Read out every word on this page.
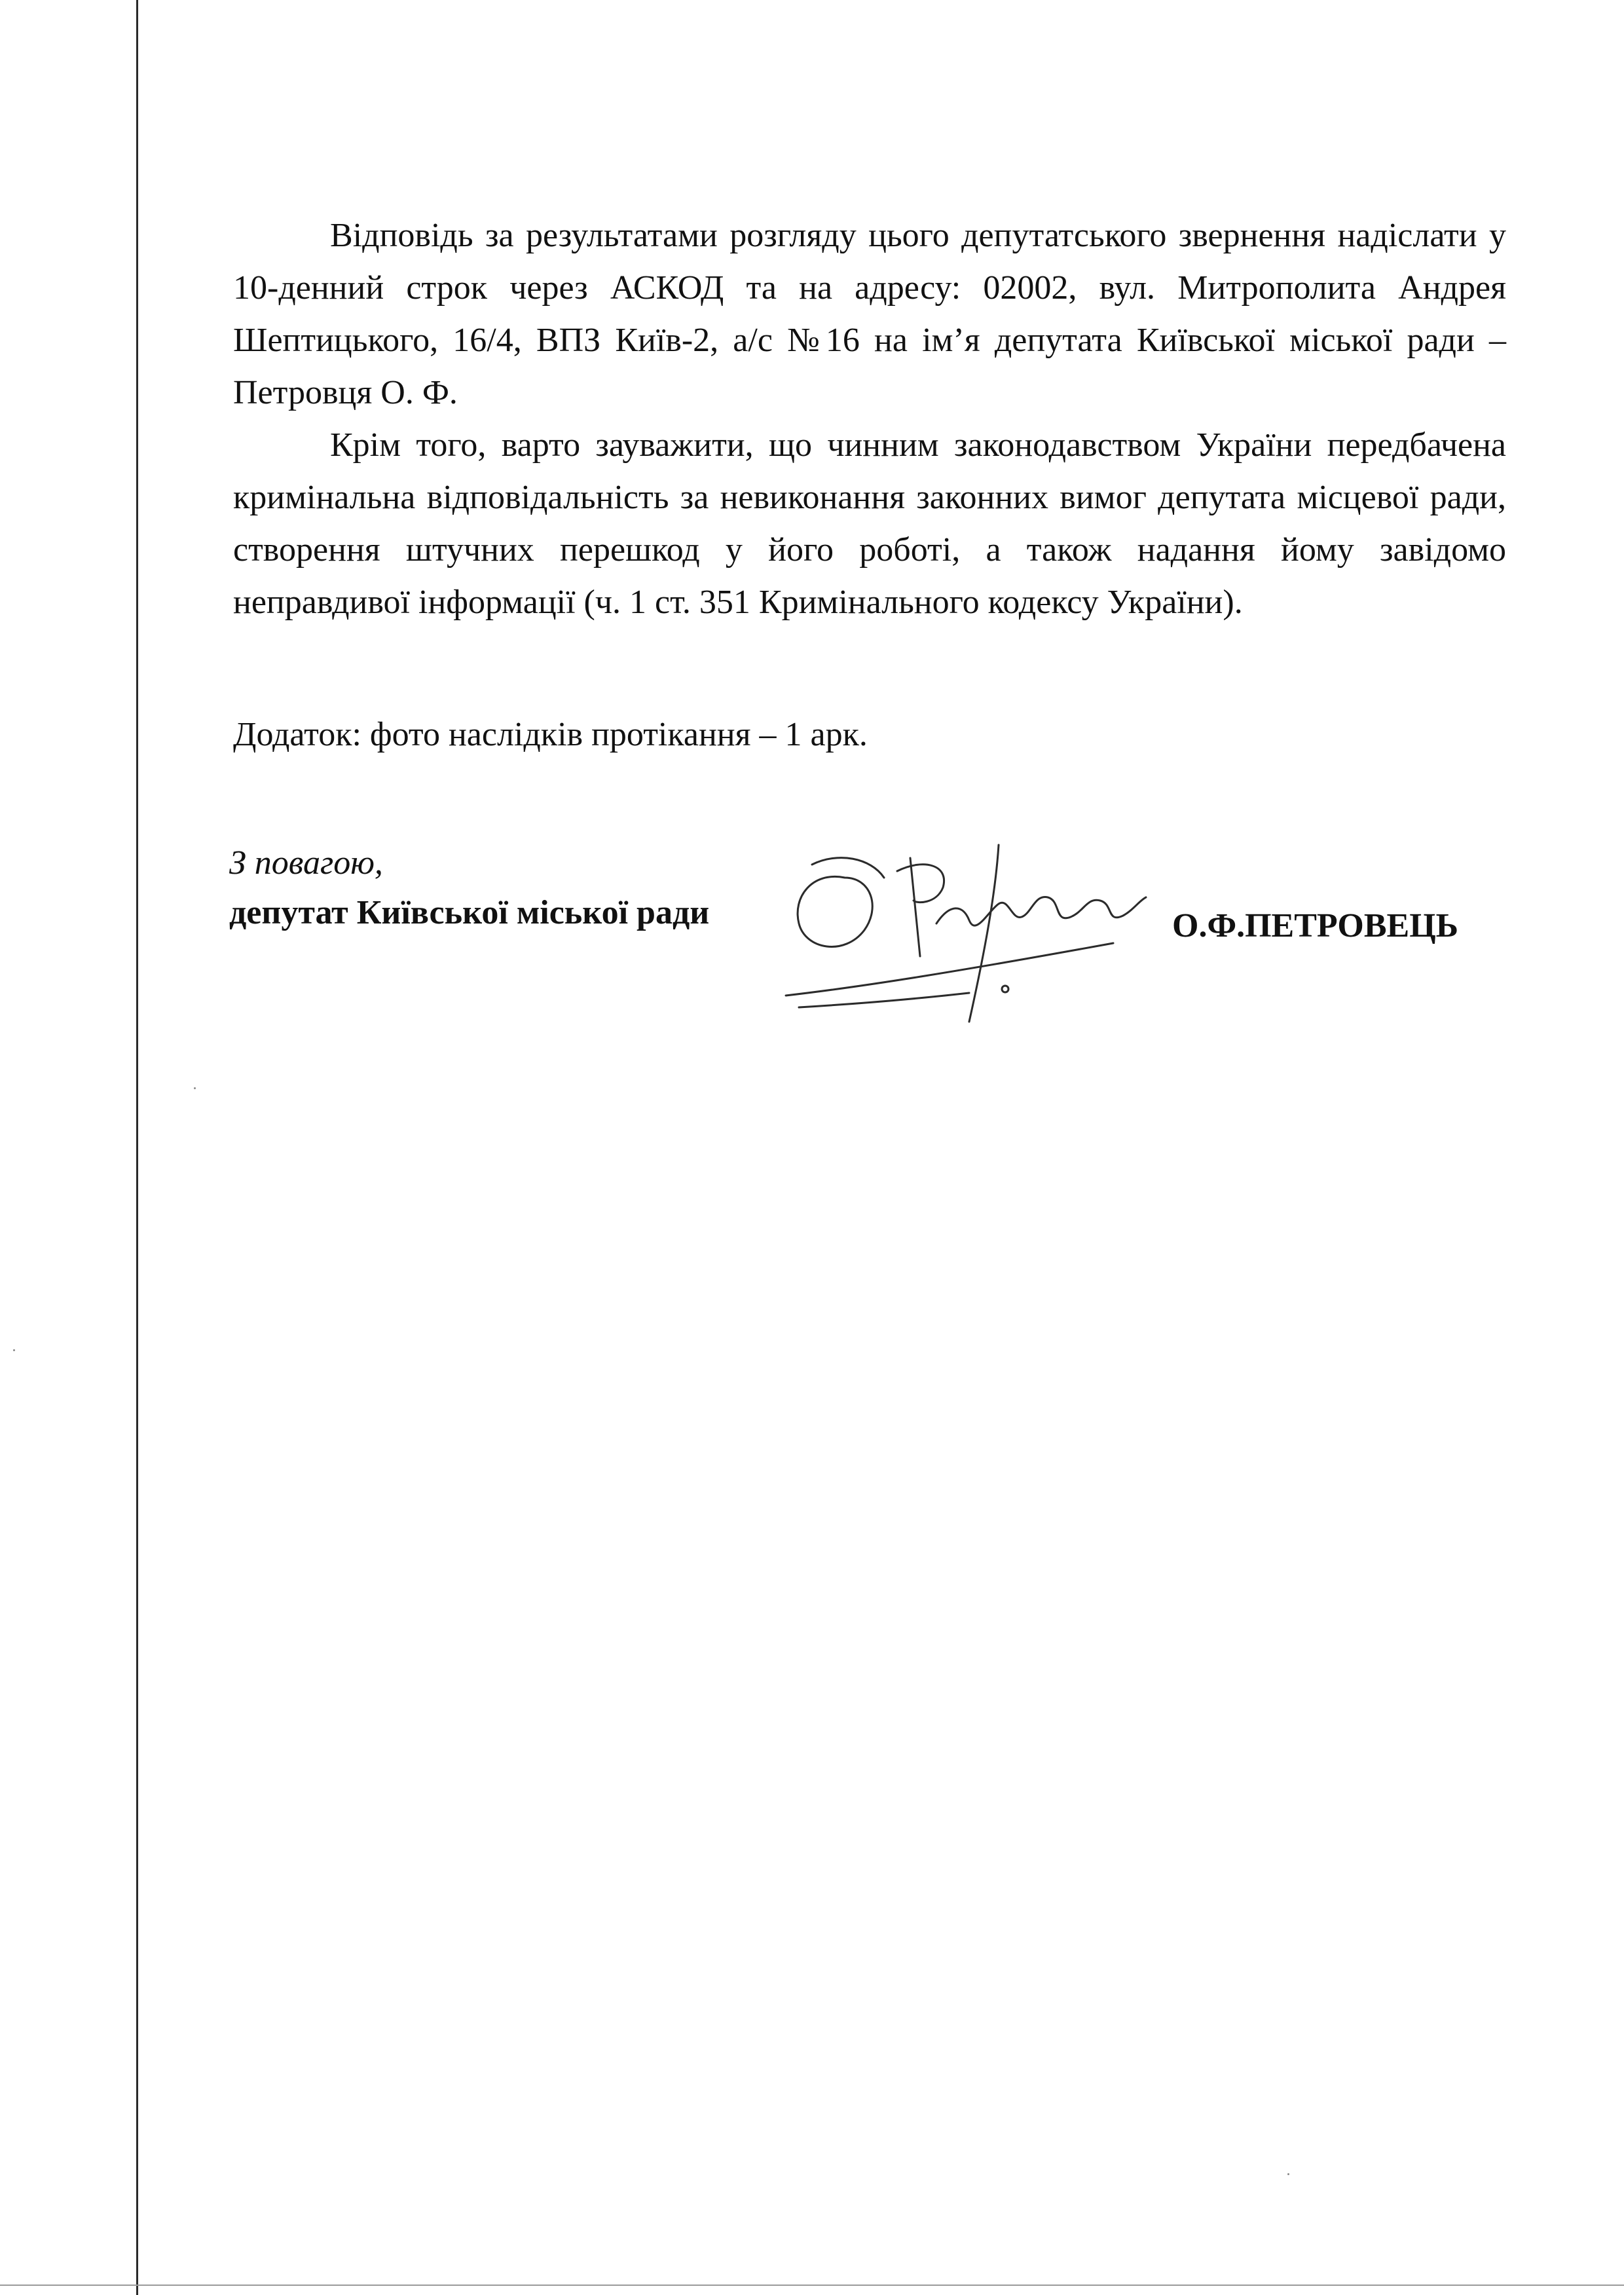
Відповідь за результатами розгляду цього депутатського звернення надіслати у 10-денний строк через АСКОД та на адресу: 02002, вул. Митрополита Андрея Шептицького, 16/4, ВПЗ Київ-2, а/с №16 на ім’я депутата Київської міської ради – Петровця О. Ф.

Крім того, варто зауважити, що чинним законодавством України передбачена кримінальна відповідальність за невиконання законних вимог депутата місцевої ради, створення штучних перешкод у його роботі, а також надання йому завідомо неправдивої інформації (ч. 1 ст. 351 Кримінального кодексу України).

Додаток: фото наслідків протікання – 1 арк.
З повагою,
депутат Київської міської ради	О.Ф.ПЕТРОВЕЦЬ
